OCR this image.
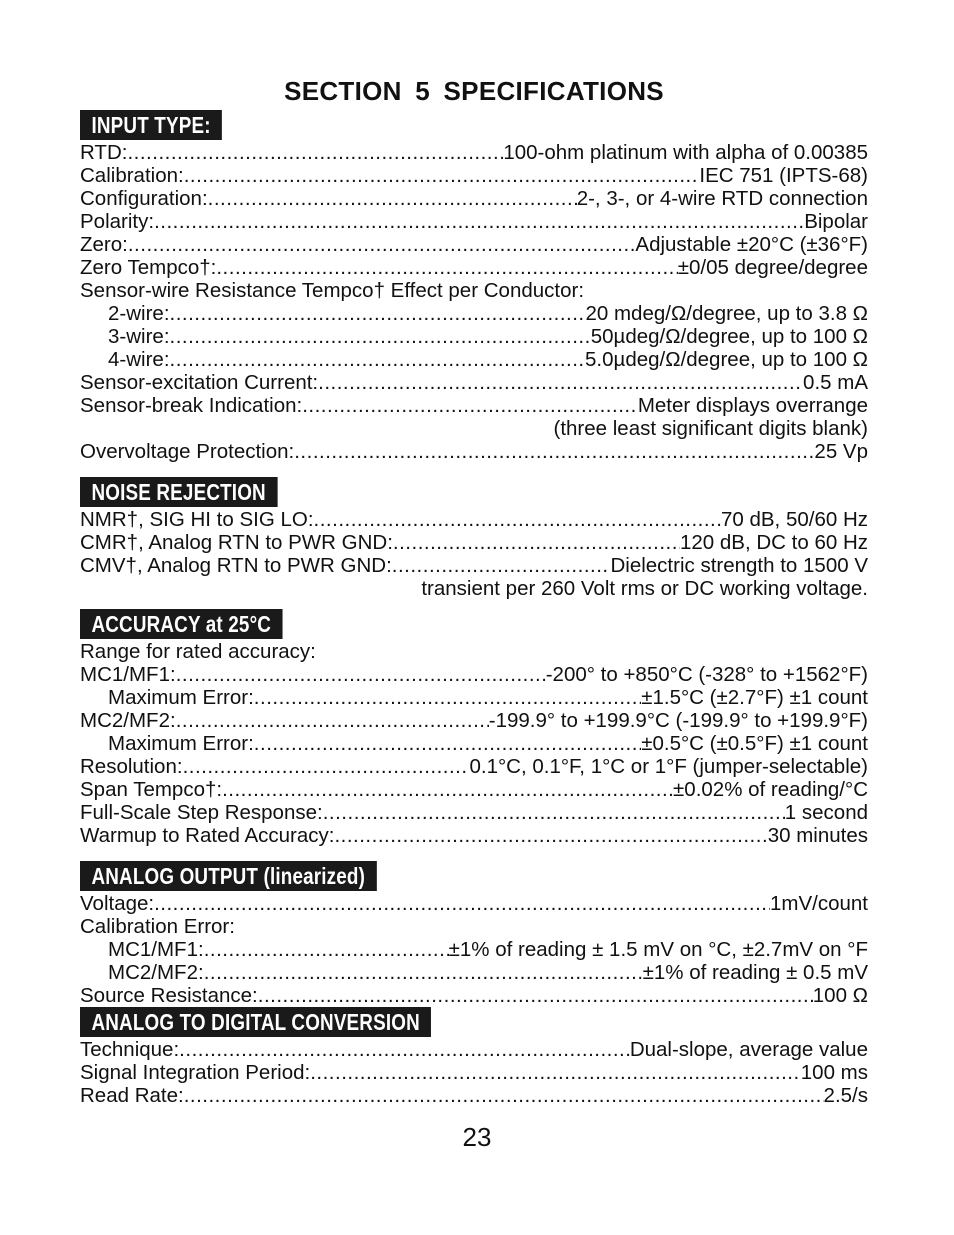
SECTION 5 SPECIFICATIONS
INPUT TYPE:
RTD: .....	100-ohm platinum with alpha of 0.00385
Calibration: .....	IEC 751 (IPTS-68)
Configuration: .....	2-, 3-, or 4-wire RTD connection
Polarity: .....	Bipolar
Zero: .....	Adjustable ±20°C (±36°F)
Zero Tempco†: .....	±0/05 degree/degree
Sensor-wire Resistance Tempco† Effect per Conductor:
2-wire: .....	20 mdeg/Ω/degree, up to 3.8 Ω
3-wire: .....	50µdeg/Ω/degree, up to 100 Ω
4-wire: .....	5.0µdeg/Ω/degree, up to 100 Ω
Sensor-excitation Current: .....	0.5 mA
Sensor-break Indication: .....	Meter displays overrange
(three least significant digits blank)
Overvoltage Protection: .....	25 Vp
NOISE REJECTION
NMR†, SIG HI to SIG LO: .....	70 dB, 50/60 Hz
CMR†, Analog RTN to PWR GND: .....	120 dB, DC to 60 Hz
CMV†, Analog RTN to PWR GND: .....	Dielectric strength to 1500 V
transient per 260 Volt rms or DC working voltage.
ACCURACY at 25°C
Range for rated accuracy:
MC1/MF1: .....	-200° to +850°C (-328° to +1562°F)
Maximum Error: .....	±1.5°C (±2.7°F) ±1 count
MC2/MF2: .....	-199.9° to +199.9°C (-199.9° to +199.9°F)
Maximum Error: .....	±0.5°C (±0.5°F) ±1 count
Resolution: .....	0.1°C, 0.1°F, 1°C or 1°F (jumper-selectable)
Span Tempco†: .....	±0.02% of reading/°C
Full-Scale Step Response: .....	1 second
Warmup to Rated Accuracy: .....	30 minutes
ANALOG OUTPUT (linearized)
Voltage: .....	1mV/count
Calibration Error:
MC1/MF1: .....	±1% of reading ± 1.5 mV on °C, ±2.7mV on °F
MC2/MF2: .....	±1% of reading ± 0.5 mV
Source Resistance: .....	100 Ω
ANALOG TO DIGITAL CONVERSION
Technique: .....	Dual-slope, average value
Signal Integration Period: .....	100 ms
Read Rate: .....	2.5/s
23
